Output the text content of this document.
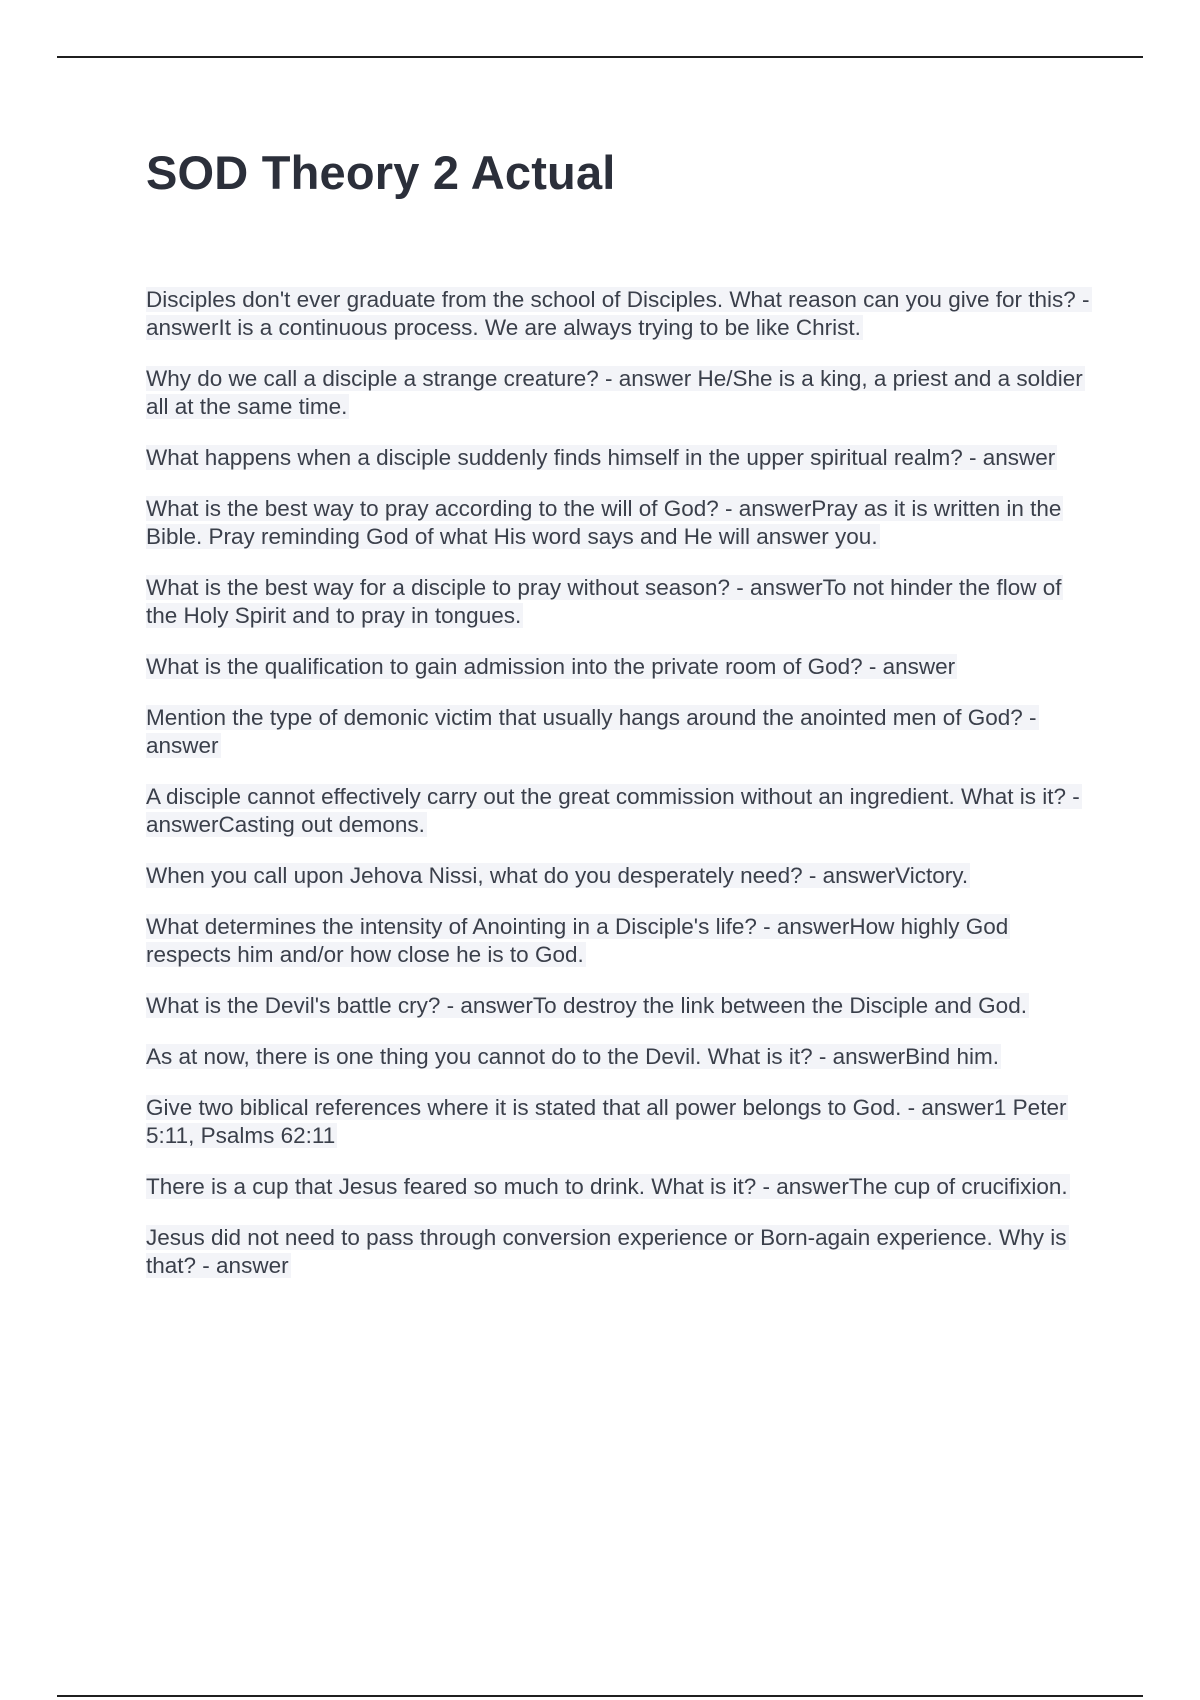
SOD Theory 2 Actual
Disciples don't ever graduate from the school of Disciples. What reason can you give for this? - answerIt is a continuous process. We are always trying to be like Christ.
Why do we call a disciple a strange creature? - answer He/She is a king, a priest and a soldier all at the same time.
What happens when a disciple suddenly finds himself in the upper spiritual realm? - answer
What is the best way to pray according to the will of God? - answerPray as it is written in the Bible. Pray reminding God of what His word says and He will answer you.
What is the best way for a disciple to pray without season? - answerTo not hinder the flow of the Holy Spirit and to pray in tongues.
What is the qualification to gain admission into the private room of God? - answer
Mention the type of demonic victim that usually hangs around the anointed men of God? - answer
A disciple cannot effectively carry out the great commission without an ingredient. What is it? - answerCasting out demons.
When you call upon Jehova Nissi, what do you desperately need? - answerVictory.
What determines the intensity of Anointing in a Disciple's life? - answerHow highly God respects him and/or how close he is to God.
What is the Devil's battle cry? - answerTo destroy the link between the Disciple and God.
As at now, there is one thing you cannot do to the Devil. What is it? - answerBind him.
Give two biblical references where it is stated that all power belongs to God. - answer1 Peter 5:11, Psalms 62:11
There is a cup that Jesus feared so much to drink. What is it? - answerThe cup of crucifixion.
Jesus did not need to pass through conversion experience or Born-again experience. Why is that? - answer
